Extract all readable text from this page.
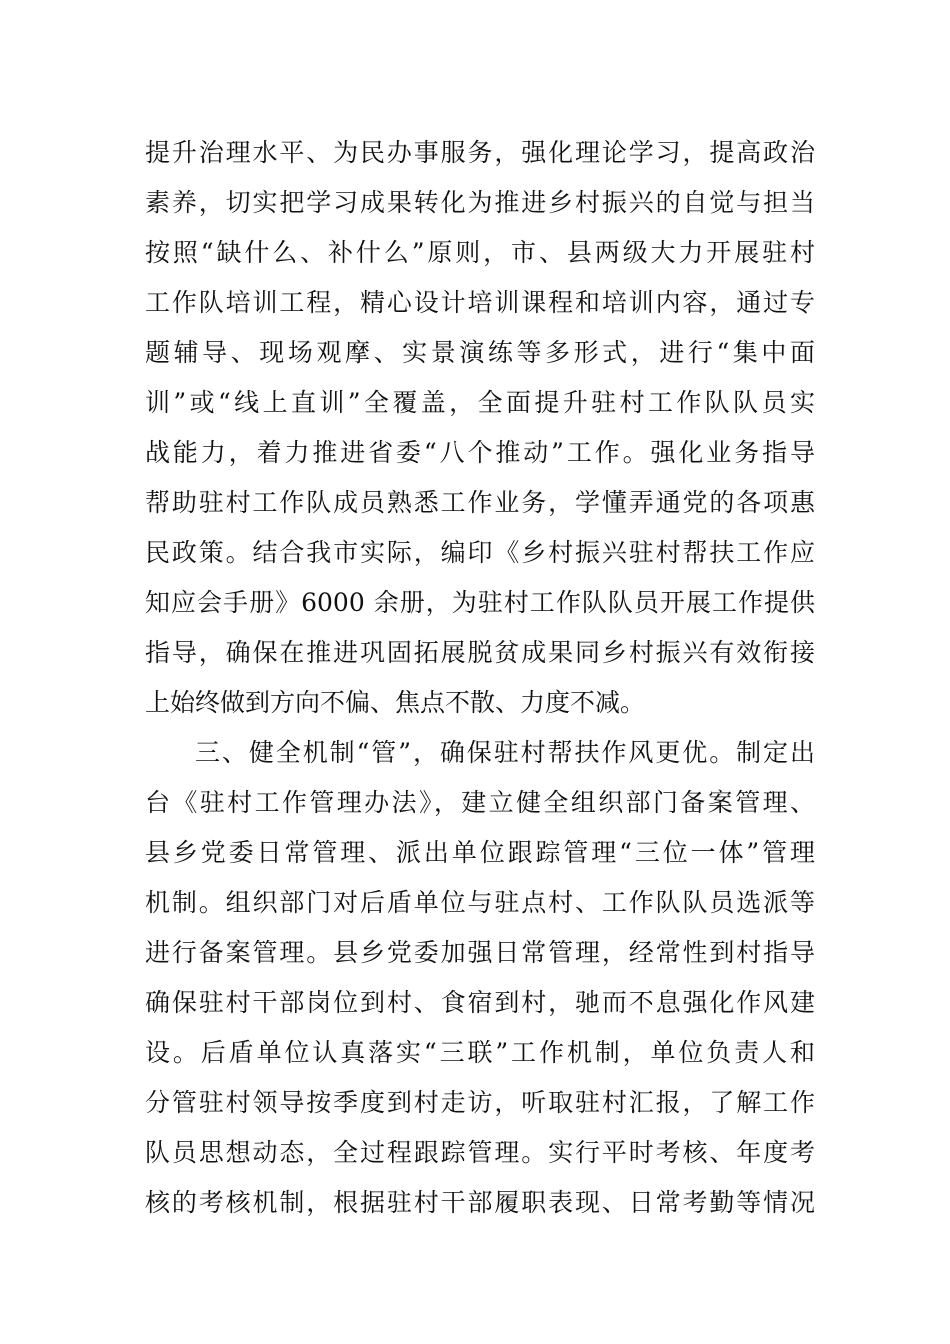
提升治理水平、为民办事服务，强化理论学习，提高政治
素养，切实把学习成果转化为推进乡村振兴的自觉与担当
按照“缺什么、补什么”原则，市、县两级大力开展驻村
工作队培训工程，精心设计培训课程和培训内容，通过专
题辅导、现场观摩、实景演练等多形式，进行“集中面
训”或“线上直训”全覆盖，全面提升驻村工作队队员实
战能力，着力推进省委“八个推动”工作。强化业务指导
帮助驻村工作队成员熟悉工作业务，学懂弄通党的各项惠
民政策。结合我市实际，编印《乡村振兴驻村帮扶工作应
知应会手册》6000 余册，为驻村工作队队员开展工作提供
指导，确保在推进巩固拓展脱贫成果同乡村振兴有效衔接
上始终做到方向不偏、焦点不散、力度不减。
三、健全机制“管”，确保驻村帮扶作风更优。制定出
台《驻村工作管理办法》，建立健全组织部门备案管理、
县乡党委日常管理、派出单位跟踪管理“三位一体”管理
机制。组织部门对后盾单位与驻点村、工作队队员选派等
进行备案管理。县乡党委加强日常管理，经常性到村指导
确保驻村干部岗位到村、食宿到村，驰而不息强化作风建
设。后盾单位认真落实“三联”工作机制，单位负责人和
分管驻村领导按季度到村走访，听取驻村汇报，了解工作
队员思想动态，全过程跟踪管理。实行平时考核、年度考
核的考核机制，根据驻村干部履职表现、日常考勤等情况
